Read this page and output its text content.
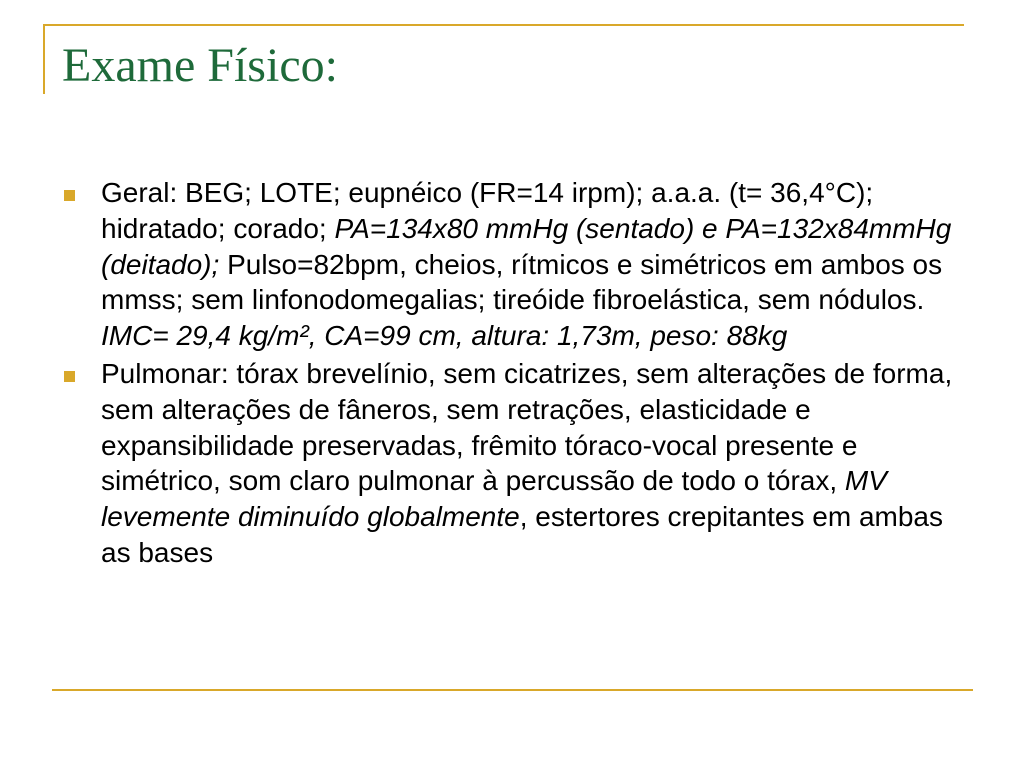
Exame Físico:
Geral: BEG; LOTE; eupnéico (FR=14 irpm); a.a.a. (t= 36,4°C); hidratado; corado; PA=134x80 mmHg (sentado) e PA=132x84mmHg (deitado); Pulso=82bpm, cheios, rítmicos e simétricos em ambos os mmss; sem linfonodomegalias; tireóide fibroelástica, sem nódulos. IMC= 29,4 kg/m², CA=99 cm, altura: 1,73m, peso: 88kg
Pulmonar: tórax brevelínio, sem cicatrizes, sem alterações de forma, sem alterações de fâneros, sem retrações, elasticidade e expansibilidade preservadas, frêmito tóraco-vocal presente e simétrico, som claro pulmonar à percussão de todo o tórax, MV levemente diminuído globalmente, estertores crepitantes em ambas as bases
